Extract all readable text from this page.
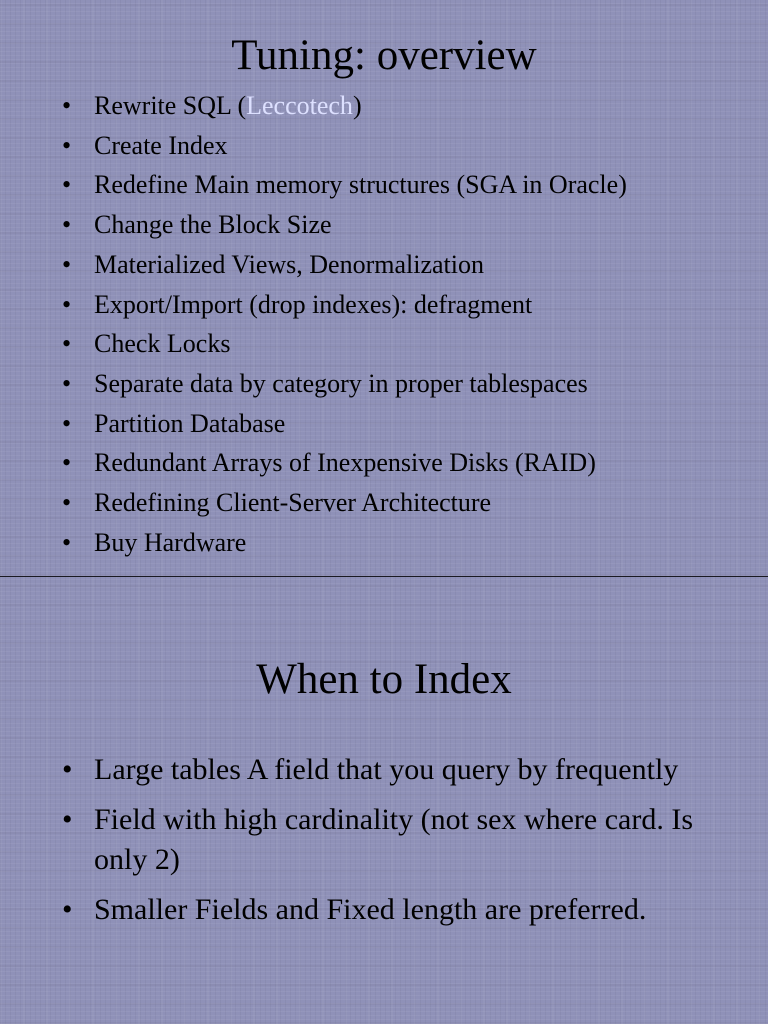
Tuning: overview
• Rewrite SQL (Leccotech)
• Create Index
• Redefine Main memory structures (SGA in Oracle)
• Change the Block Size
• Materialized Views, Denormalization
• Export/Import (drop indexes): defragment
• Check Locks
• Separate data by category in proper tablespaces
• Partition Database
• Redundant Arrays of Inexpensive Disks (RAID)
• Redefining Client-Server Architecture
• Buy Hardware
When to Index
• Large tables A field that you query by frequently
• Field with high cardinality (not sex where card. Is only 2)
• Smaller Fields and Fixed length are preferred.
